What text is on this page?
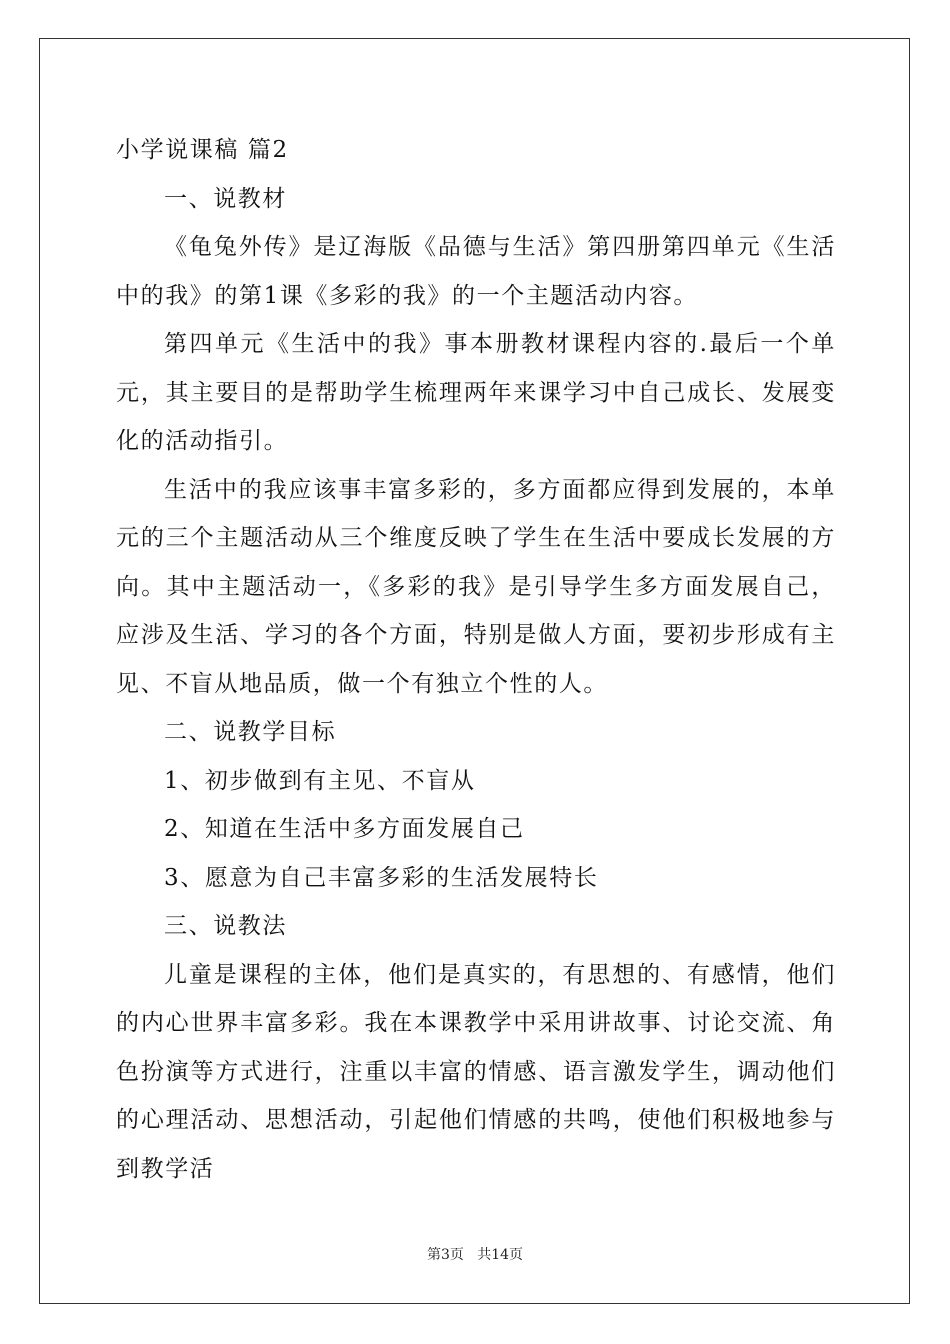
小学说课稿 篇2

一、说教材

《龟兔外传》是辽海版《品德与生活》第四册第四单元《生活中的我》的第1课《多彩的我》的一个主题活动内容。

第四单元《生活中的我》事本册教材课程内容的.最后一个单元，其主要目的是帮助学生梳理两年来课学习中自己成长、发展变化的活动指引。

生活中的我应该事丰富多彩的，多方面都应得到发展的，本单元的三个主题活动从三个维度反映了学生在生活中要成长发展的方向。其中主题活动一，《多彩的我》是引导学生多方面发展自己，应涉及生活、学习的各个方面，特别是做人方面，要初步形成有主见、不盲从地品质，做一个有独立个性的人。

二、说教学目标

1、初步做到有主见、不盲从

2、知道在生活中多方面发展自己

3、愿意为自己丰富多彩的生活发展特长

三、说教法

儿童是课程的主体，他们是真实的，有思想的、有感情，他们的内心世界丰富多彩。我在本课教学中采用讲故事、讨论交流、角色扮演等方式进行，注重以丰富的情感、语言激发学生，调动他们的心理活动、思想活动，引起他们情感的共鸣，使他们积极地参与到教学活

第3页   共14页
